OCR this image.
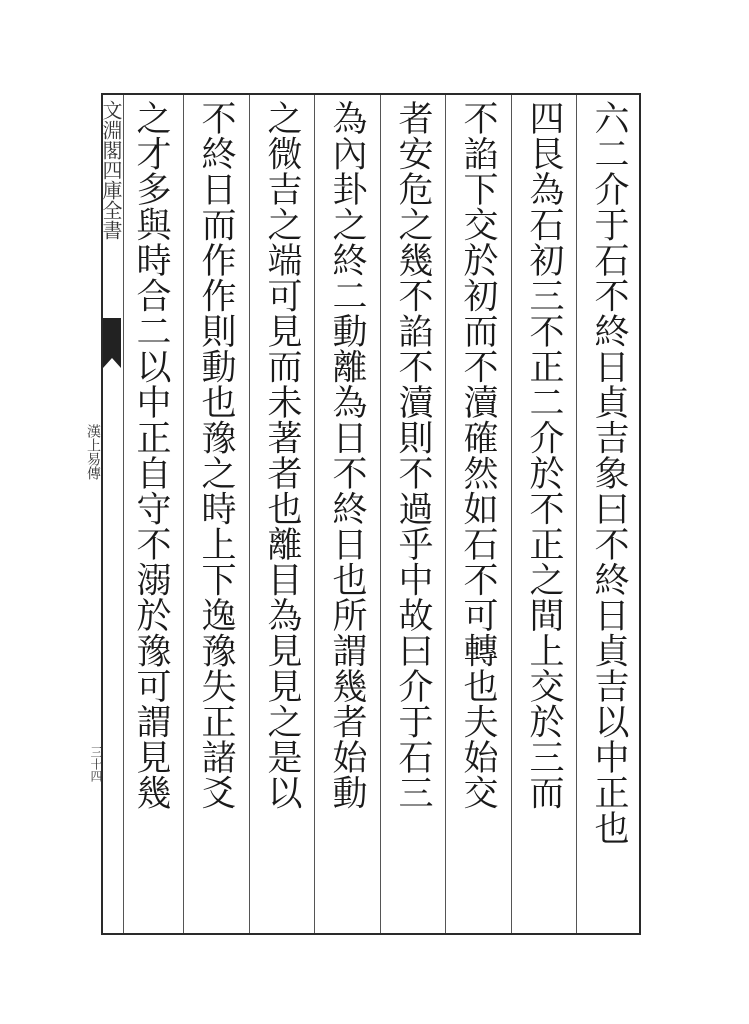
文淵閣四庫全書
漢上易傳
三十四	六二介于石不終日貞吉象曰不終日貞吉以中正也
四艮為石初三不正二介於不正之間上交於三而
不諂下交於初而不瀆確然如石不可轉也夫始交
者安危之幾不諂不瀆則不過乎中故曰介于石三
為內卦之終二動離為日不終日也所謂幾者始動
之微吉之端可見而未著者也離目為見見之是以
不終日而作作則動也豫之時上下逸豫失正諸爻
之才多與時合二以中正自守不溺於豫可謂見幾
